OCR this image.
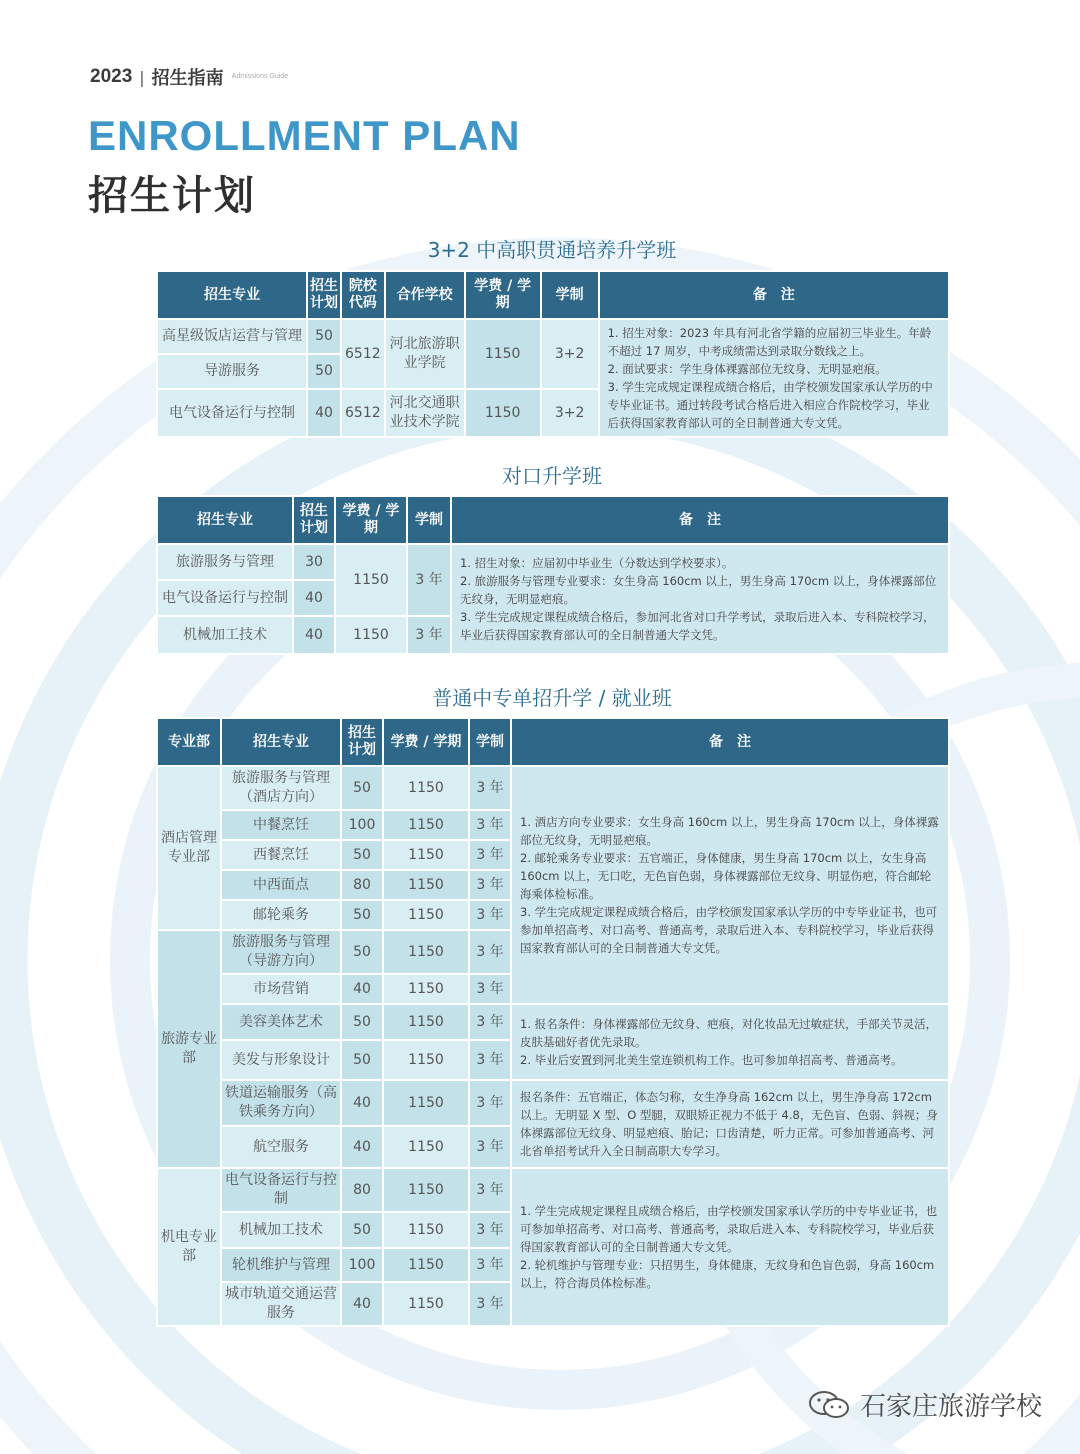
2023 | 招生指南 Admissions Guide
ENROLLMENT PLAN
招生计划
3+2 中高职贯通培养升学班
招生专业	招生计划	院校代码	合作学校	学费 / 学期	学制	备　注
高星级饭店运营与管理	50	6512	河北旅游职业学院	1150	3+2	1. 招生对象：2023 年具有河北省学籍的应届初三毕业生。年龄不超过 17 周岁，中考成绩需达到录取分数线之上。
2. 面试要求：学生身体裸露部位无纹身、无明显疤痕。
3. 学生完成规定课程成绩合格后，由学校颁发国家承认学历的中专毕业证书。通过转段考试合格后进入相应合作院校学习，毕业后获得国家教育部认可的全日制普通大专文凭。

导游服务	50					
电气设备运行与控制	40	6512	河北交通职业技术学院	1150	3+2	
对口升学班
招生专业	招生计划	学费 / 学期	学制	备　注
旅游服务与管理	30	1150	3 年	1. 招生对象：应届初中毕业生（分数达到学校要求）。
2. 旅游服务与管理专业要求：女生身高 160cm 以上，男生身高 170cm 以上，身体裸露部位无纹身，无明显疤痕。
3. 学生完成规定课程成绩合格后，参加河北省对口升学考试，录取后进入本、专科院校学习，毕业后获得国家教育部认可的全日制普通大学文凭。

电气设备运行与控制	40			
机械加工技术	40	1150	3 年	
普通中专单招升学 / 就业班
专业部	招生专业	招生计划	学费 / 学期	学制	备　注
酒店管理专业部	旅游服务与管理（酒店方向）	50	1150	3 年	1. 酒店方向专业要求：女生身高 160cm 以上，男生身高 170cm 以上，身体裸露部位无纹身，无明显疤痕。
2. 邮轮乘务专业要求：五官端正，身体健康，男生身高 170cm 以上，女生身高 160cm 以上，无口吃，无色盲色弱，身体裸露部位无纹身、明显伤疤，符合邮轮海乘体检标准。
3. 学生完成规定课程成绩合格后，由学校颁发国家承认学历的中专毕业证书，也可参加单招高考、对口高考、普通高考，录取后进入本、专科院校学习，毕业后获得国家教育部认可的全日制普通大专文凭。

	中餐烹饪	100	1150	3 年	
	西餐烹饪	50	1150	3 年	
	中西面点	80	1150	3 年	
	邮轮乘务	50	1150	3 年	
旅游专业部	旅游服务与管理（导游方向）	50	1150	3 年	
	市场营销	40	1150	3 年	
	美容美体艺术	50	1150	3 年	1. 报名条件：身体裸露部位无纹身、疤痕，对化妆品无过敏症状，手部关节灵活，皮肤基础好者优先录取。
2. 毕业后安置到河北美生堂连锁机构工作。也可参加单招高考、普通高考。

	美发与形象设计	50	1150	3 年	
	铁道运输服务（高铁乘务方向）	40	1150	3 年	报名条件：五官端正，体态匀称，女生净身高 162cm 以上，男生净身高 172cm 以上。无明显 X 型、O 型腿，双眼矫正视力不低于 4.8，无色盲、色弱、斜视；身体裸露部位无纹身、明显疤痕、胎记；口齿清楚，听力正常。可参加普通高考、河北省单招考试升入全日制高职大专学习。

	航空服务	40	1150	3 年	
机电专业部	电气设备运行与控制	80	1150	3 年	1. 学生完成规定课程且成绩合格后，由学校颁发国家承认学历的中专毕业证书，也可参加单招高考、对口高考、普通高考，录取后进入本、专科院校学习，毕业后获得国家教育部认可的全日制普通大专文凭。
2. 轮机维护与管理专业：只招男生，身体健康，无纹身和色盲色弱，身高 160cm 以上，符合海员体检标准。

	机械加工技术	50	1150	3 年	
	轮机维护与管理	100	1150	3 年	
	城市轨道交通运营服务	40	1150	3 年	
石家庄旅游学校
